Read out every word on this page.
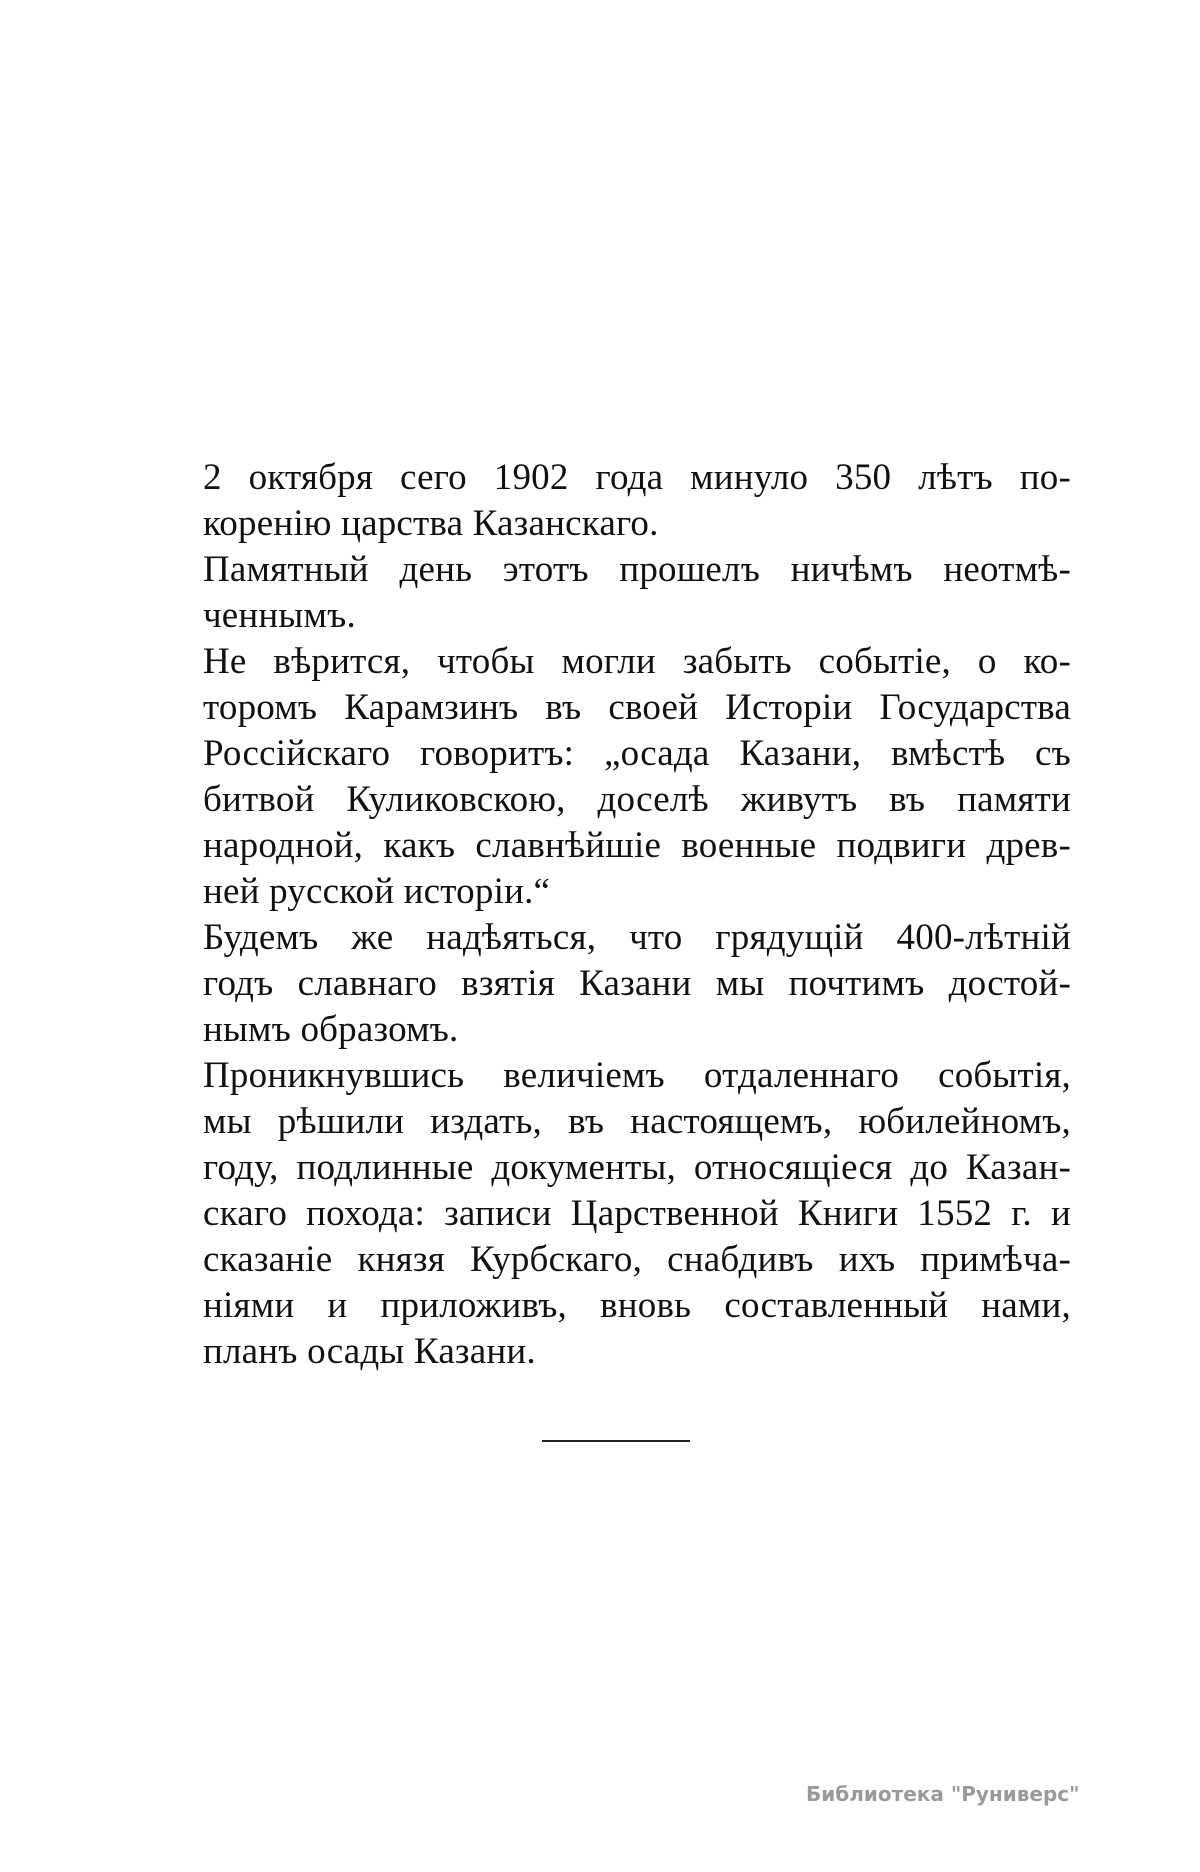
2 октября сего 1902 года минуло 350 лѣтъ по-
коренію царства Казанскаго.

Памятный день этотъ прошелъ ничѣмъ неотмѣ-
ченнымъ.

Не вѣрится, чтобы могли забыть событіе, о ко-
торомъ Карамзинъ въ своей Исторіи Государства
Россійскаго говоритъ: „осада Казани, вмѣстѣ съ
битвой Куликовскою, доселѣ живутъ въ памяти
народной, какъ славнѣйшіе военные подвиги древ-
ней русской исторіи.“

Будемъ же надѣяться, что грядущій 400-лѣтній
годъ славнаго взятія Казани мы почтимъ достой-
нымъ образомъ.

Проникнувшись величіемъ отдаленнаго событія,
мы рѣшили издать, въ настоящемъ, юбилейномъ,
году, подлинные документы, относящіеся до Казан-
скаго похода: записи Царственной Книги 1552 г. и
сказаніе князя Курбскаго, снабдивъ ихъ примѣча-
ніями и приложивъ, вновь составленный нами,
планъ осады Казани.

Библиотека "Руниверс"
